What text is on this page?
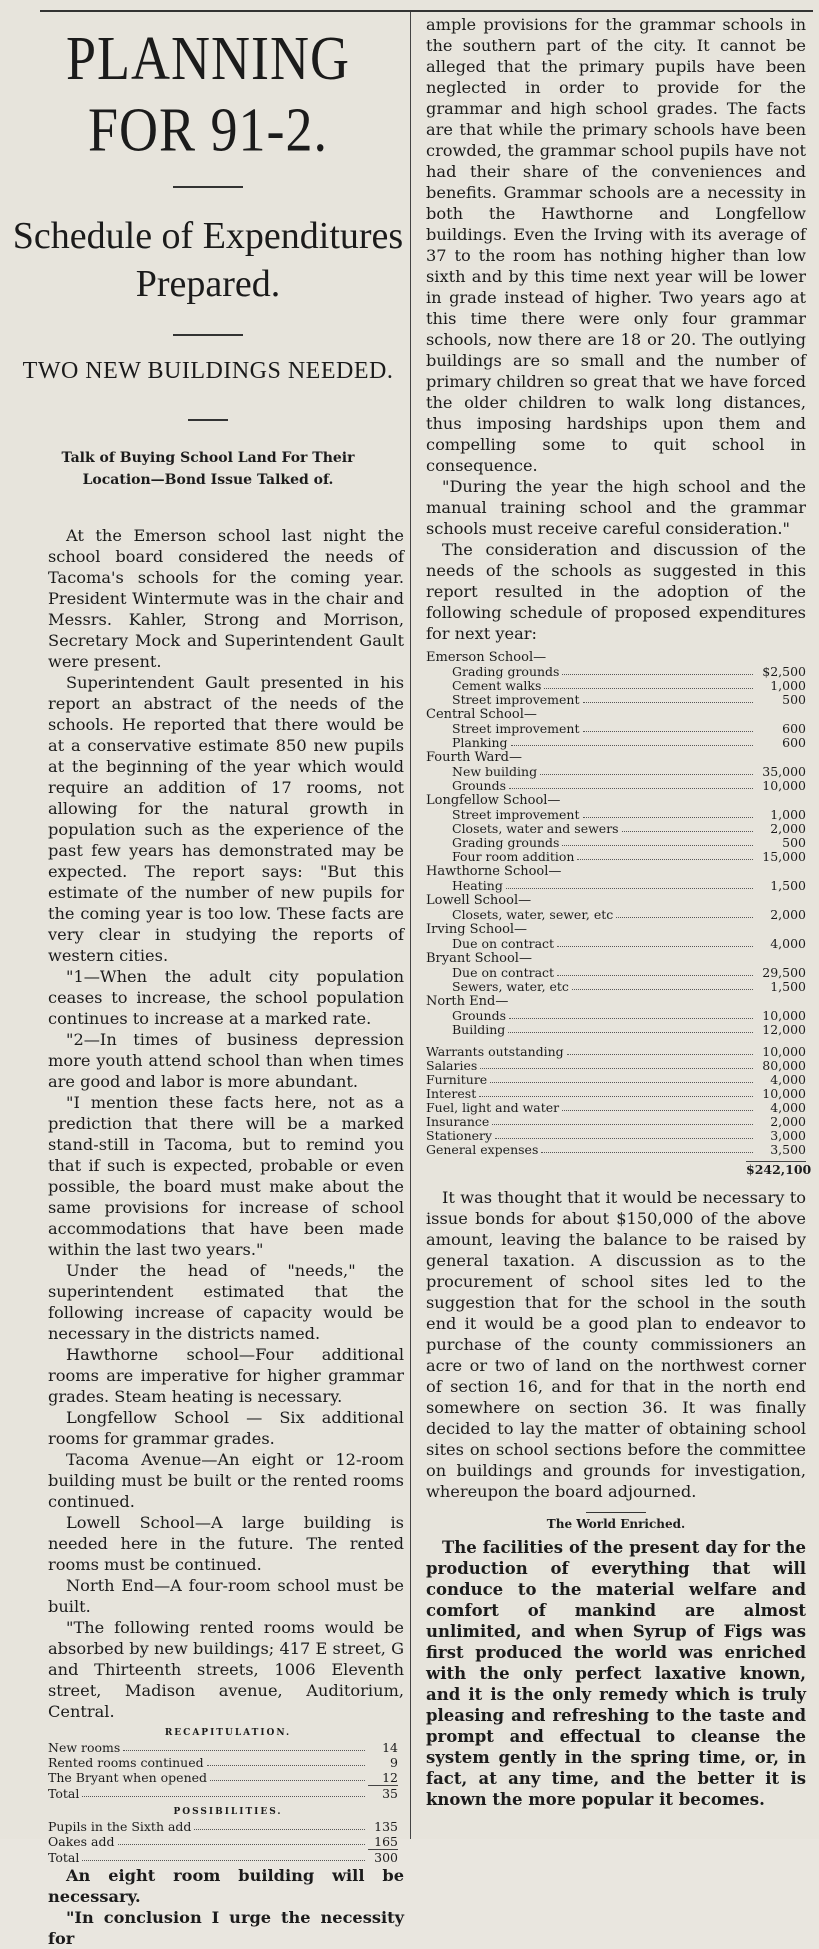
PLANNING FOR 91-2.
Schedule of Expenditures Prepared.
TWO NEW BUILDINGS NEEDED.
Talk of Buying School Land For Their Location—Bond Issue Talked of.
At the Emerson school last night the school board considered the needs of Tacoma's schools for the coming year. President Wintermute was in the chair and Messrs. Kahler, Strong and Morrison, Secretary Mock and Superintendent Gault were present.
Superintendent Gault presented in his report an abstract of the needs of the schools. He reported that there would be at a conservative estimate 850 new pupils at the beginning of the year which would require an addition of 17 rooms, not allowing for the natural growth in population such as the experience of the past few years has demonstrated may be expected. The report says: "But this estimate of the number of new pupils for the coming year is too low. These facts are very clear in studying the reports of western cities.
"1—When the adult city population ceases to increase, the school population continues to increase at a marked rate.
"2—In times of business depression more youth attend school than when times are good and labor is more abundant.
"I mention these facts here, not as a prediction that there will be a marked stand-still in Tacoma, but to remind you that if such is expected, probable or even possible, the board must make about the same provisions for increase of school accommodations that have been made within the last two years."
Under the head of "needs," the superintendent estimated that the following increase of capacity would be necessary in the districts named.
Hawthorne school—Four additional rooms are imperative for higher grammar grades. Steam heating is necessary.
Longfellow School — Six additional rooms for grammar grades.
Tacoma Avenue—An eight or 12-room building must be built or the rented rooms continued.
Lowell School—A large building is needed here in the future. The rented rooms must be continued.
North End—A four-room school must be built.
"The following rented rooms would be absorbed by new buildings; 417 E street, G and Thirteenth streets, 1006 Eleventh street, Madison avenue, Auditorium, Central.
RECAPITULATION.
New rooms	14
Rented rooms continued	9
The Bryant when opened	12
Total	35
POSSIBILITIES.
Pupils in the Sixth add	135
Oakes add	165
Total	300
An eight room building will be necessary.
"In conclusion I urge the necessity for
ample provisions for the grammar schools in the southern part of the city. It cannot be alleged that the primary pupils have been neglected in order to provide for the grammar and high school grades. The facts are that while the primary schools have been crowded, the grammar school pupils have not had their share of the conveniences and benefits. Grammar schools are a necessity in both the Hawthorne and Longfellow buildings. Even the Irving with its average of 37 to the room has nothing higher than low sixth and by this time next year will be lower in grade instead of higher. Two years ago at this time there were only four grammar schools, now there are 18 or 20. The outlying buildings are so small and the number of primary children so great that we have forced the older children to walk long distances, thus imposing hardships upon them and compelling some to quit school in consequence.
"During the year the high school and the manual training school and the grammar schools must receive careful consideration."
The consideration and discussion of the needs of the schools as suggested in this report resulted in the adoption of the following schedule of proposed expenditures for next year:
Emerson School—
Grading grounds	$2,500
Cement walks	1,000
Street improvement	500
Central School—
Street improvement	600
Planking	600
Fourth Ward—
New building	35,000
Grounds	10,000
Longfellow School—
Street improvement	1,000
Closets, water and sewers	2,000
Grading grounds	500
Four room addition	15,000
Hawthorne School—
Heating	1,500
Lowell School—
Closets, water, sewer, etc	2,000
Irving School—
Due on contract	4,000
Bryant School—
Due on contract	29,500
Sewers, water, etc	1,500
North End—
Grounds	10,000
Building	12,000
Warrants outstanding	10,000
Salaries	80,000
Furniture	4,000
Interest	10,000
Fuel, light and water	4,000
Insurance	2,000
Stationery	3,000
General expenses	3,500
$242,100
It was thought that it would be necessary to issue bonds for about $150,000 of the above amount, leaving the balance to be raised by general taxation. A discussion as to the procurement of school sites led to the suggestion that for the school in the south end it would be a good plan to endeavor to purchase of the county commissioners an acre or two of land on the northwest corner of section 16, and for that in the north end somewhere on section 36. It was finally decided to lay the matter of obtaining school sites on school sections before the committee on buildings and grounds for investigation, whereupon the board adjourned.
The World Enriched.
The facilities of the present day for the production of everything that will conduce to the material welfare and comfort of mankind are almost unlimited, and when Syrup of Figs was first produced the world was enriched with the only perfect laxative known, and it is the only remedy which is truly pleasing and refreshing to the taste and prompt and effectual to cleanse the system gently in the spring time, or, in fact, at any time, and the better it is known the more popular it becomes.
